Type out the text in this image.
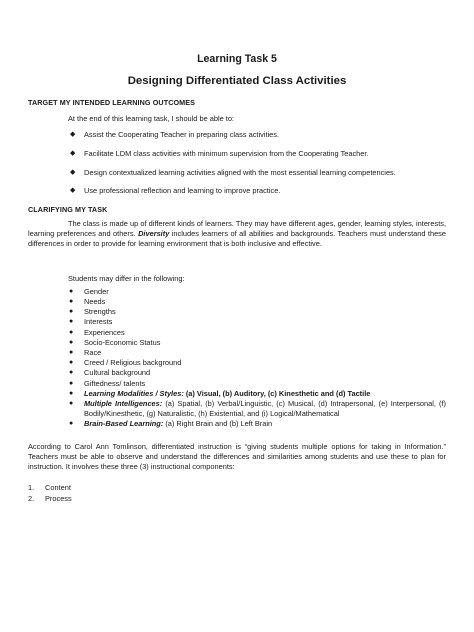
Learning Task 5

Designing Differentiated Class Activities

TARGET MY INTENDED LEARNING OUTCOMES

At the end of this learning task, I should be able to:

◆ Assist the Cooperating Teacher in preparing class activities.
◆ Facilitate LDM class activities with minimum supervision from the Cooperating Teacher.
◆ Design contextualized learning activities aligned with the most essential learning competencies.
◆ Use professional reflection and learning to improve practice.

CLARIFYING MY TASK

The class is made up of different kinds of learners. They may have different ages, gender, learning styles, interests, learning preferences and others. Diversity includes learners of all abilities and backgrounds. Teachers must understand these differences in order to provide for learning environment that is both inclusive and effective.

Students may differ in the following:

● Gender
● Needs
● Strengths
● Interests
● Experiences
● Socio-Economic Status
● Race
● Creed / Religious background
● Cultural background
● Giftedness/ talents
● Learning Modalities / Styles: (a) Visual, (b) Auditory, (c) Kinesthetic and (d) Tactile
● Multiple Intelligences: (a) Spatial, (b) Verbal/Linguistic, (c) Musical, (d) Intrapersonal, (e) Interpersonal, (f) Bodily/Kinesthetic, (g) Naturalistic, (h) Existential, and (i) Logical/Mathematical
● Brain-Based Learning: (a) Right Brain and (b) Left Brain

According to Carol Ann Tomlinson, differentiated instruction is “giving students multiple options for taking in Information.” Teachers must be able to observe and understand the differences and similarities among students and use these to plan for instruction. It involves these three (3) instructional components:

1. Content
2. Process
